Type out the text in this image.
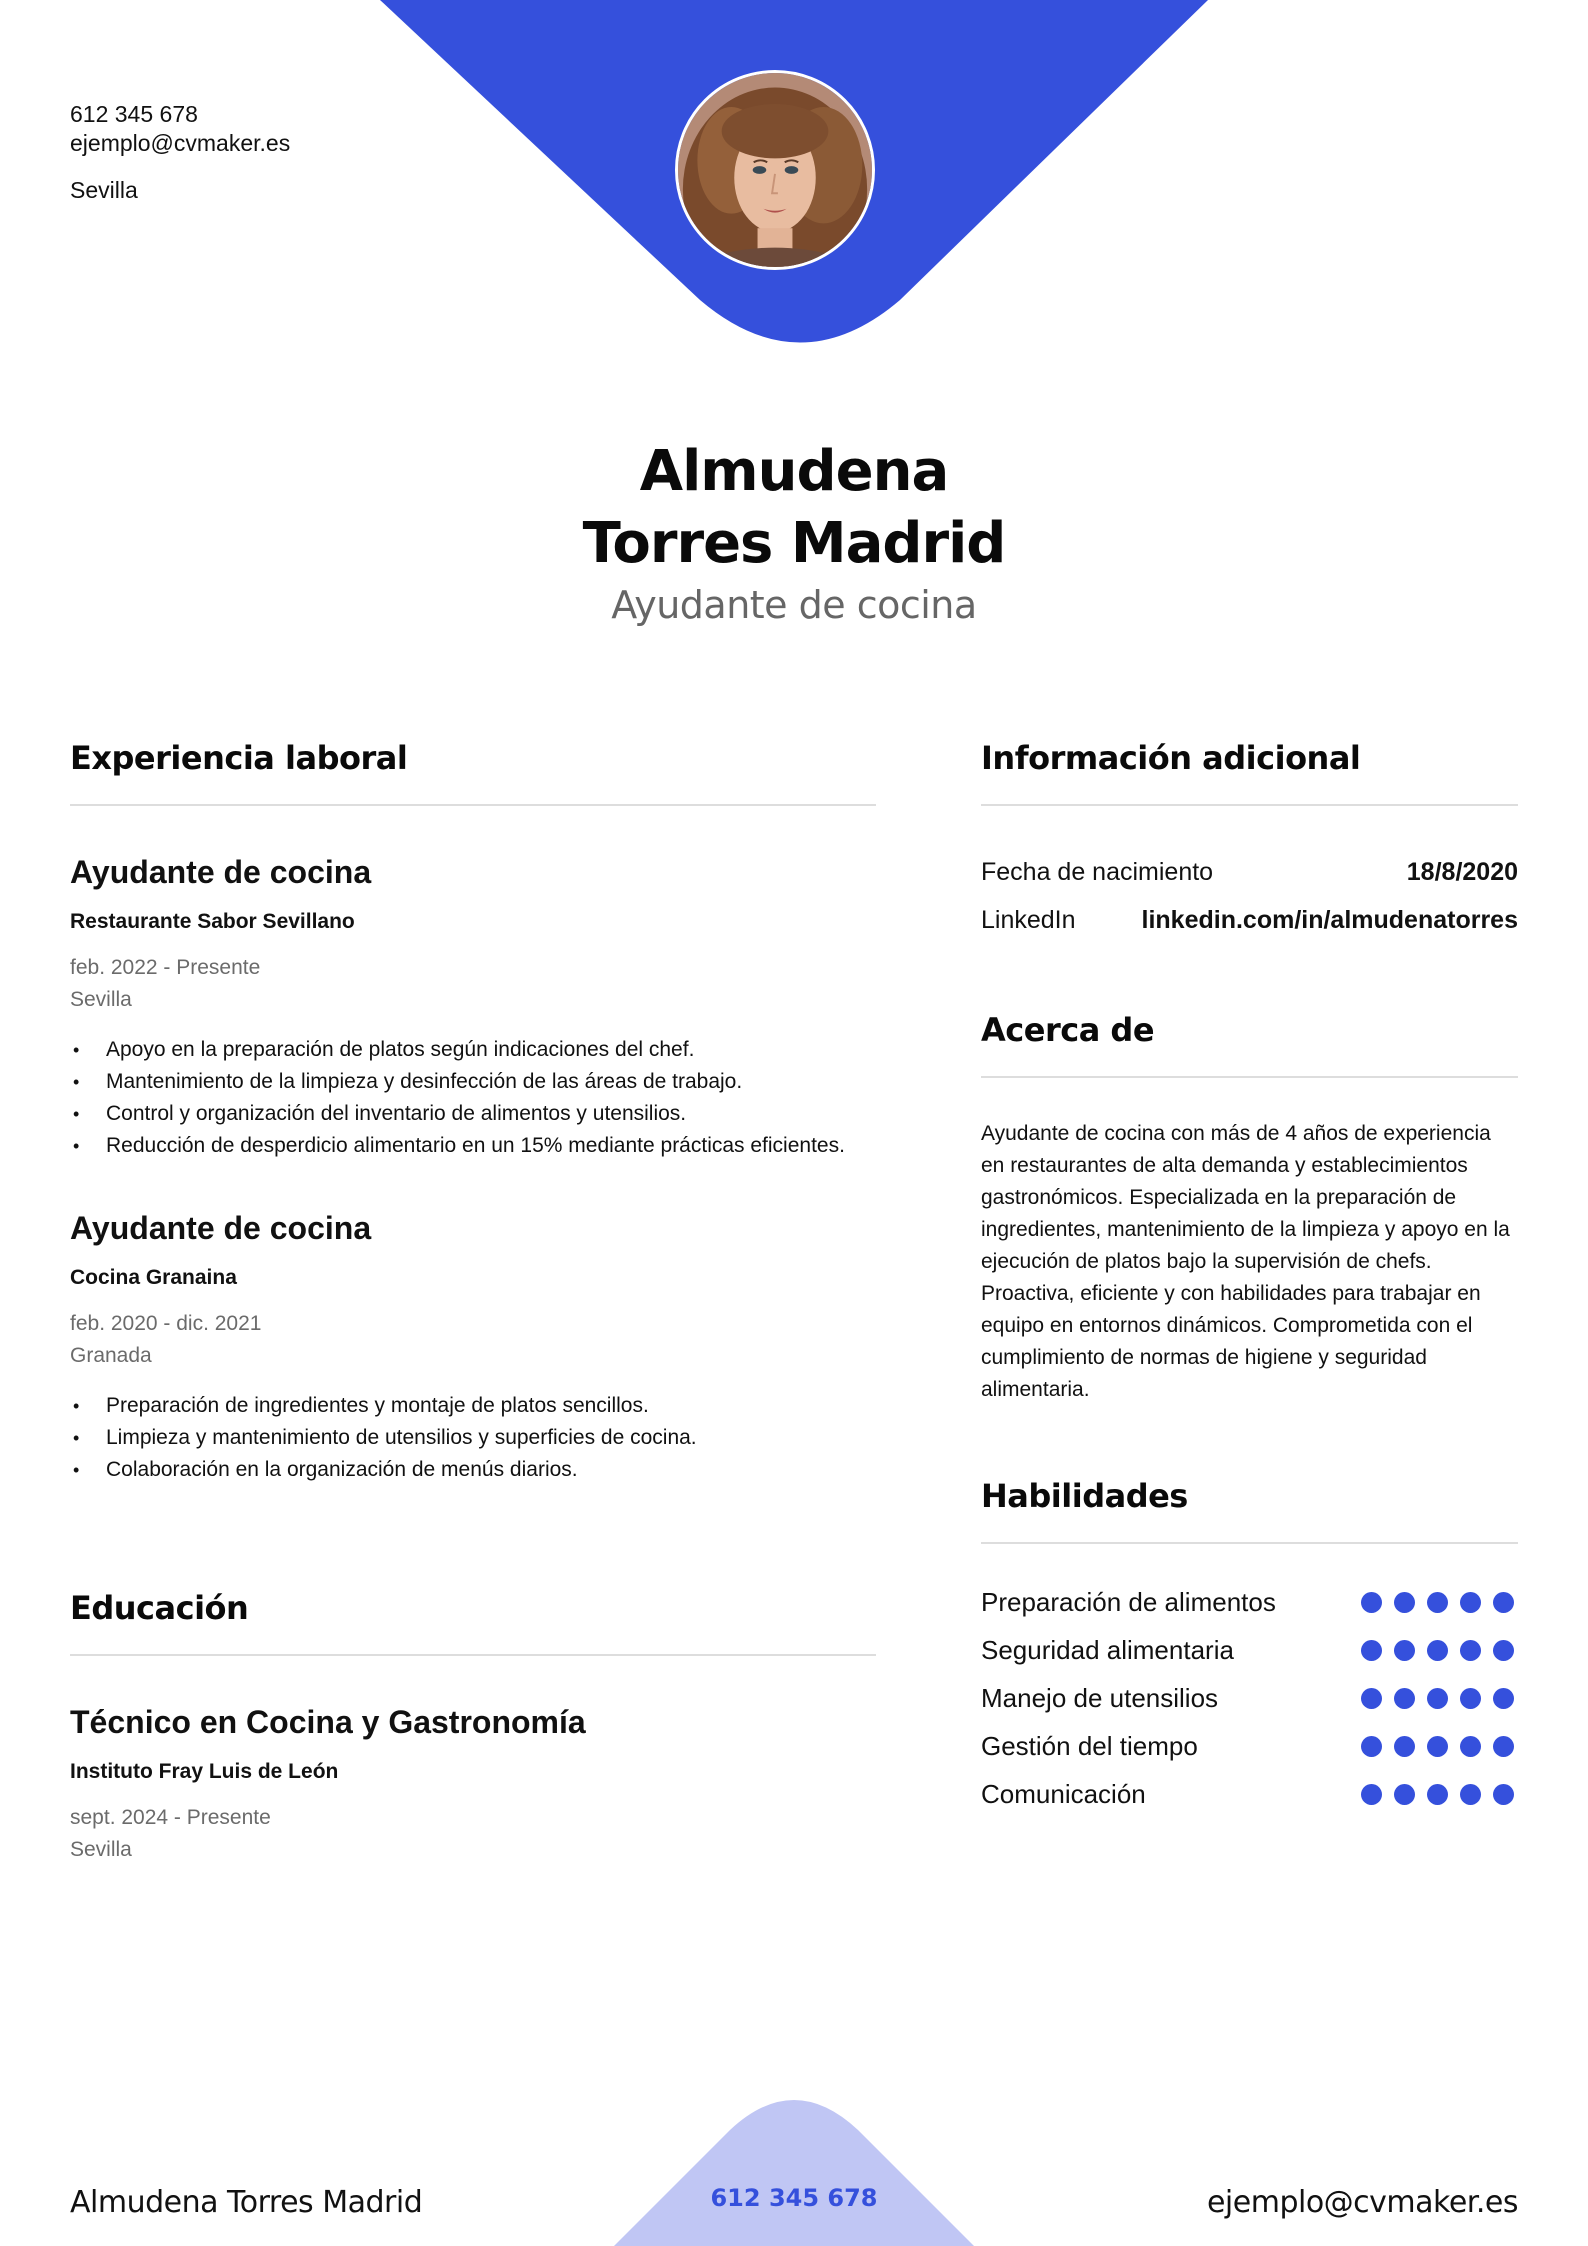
612 345 678
ejemplo@cvmaker.es
Sevilla
Almudena
Torres Madrid
Ayudante de cocina
Experiencia laboral
Ayudante de cocina
Restaurante Sabor Sevillano
feb. 2022 - Presente
Sevilla
• Apoyo en la preparación de platos según indicaciones del chef.
• Mantenimiento de la limpieza y desinfección de las áreas de trabajo.
• Control y organización del inventario de alimentos y utensilios.
• Reducción de desperdicio alimentario en un 15% mediante prácticas eficientes.
Ayudante de cocina
Cocina Granaina
feb. 2020 - dic. 2021
Granada
• Preparación de ingredientes y montaje de platos sencillos.
• Limpieza y mantenimiento de utensilios y superficies de cocina.
• Colaboración en la organización de menús diarios.
Educación
Técnico en Cocina y Gastronomía
Instituto Fray Luis de León
sept. 2024 - Presente
Sevilla
Información adicional
Fecha de nacimiento	18/8/2020
LinkedIn	linkedin.com/in/almudenatorres
Acerca de
Ayudante de cocina con más de 4 años de experiencia en restaurantes de alta demanda y establecimientos gastronómicos. Especializada en la preparación de ingredientes, mantenimiento de la limpieza y apoyo en la ejecución de platos bajo la supervisión de chefs. Proactiva, eficiente y con habilidades para trabajar en equipo en entornos dinámicos. Comprometida con el cumplimiento de normas de higiene y seguridad alimentaria.
Habilidades
Preparación de alimentos
Seguridad alimentaria
Manejo de utensilios
Gestión del tiempo
Comunicación
Almudena Torres Madrid	612 345 678	ejemplo@cvmaker.es
